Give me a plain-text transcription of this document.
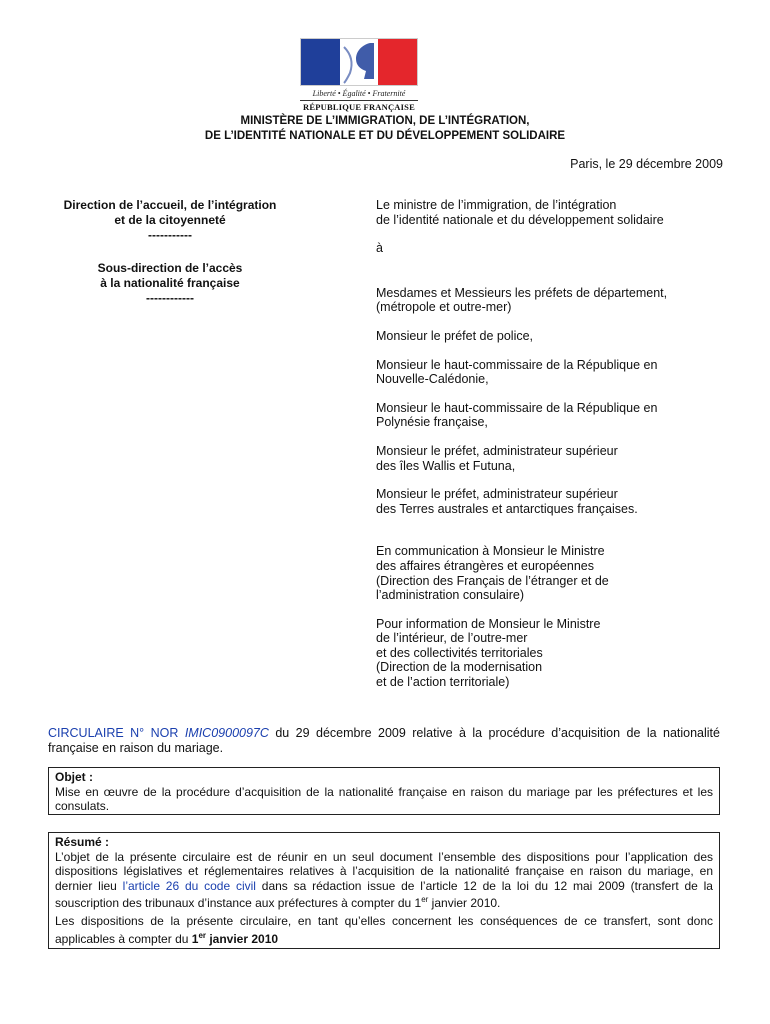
Liberté • Égalité • Fraternité
RÉPUBLIQUE FRANÇAISE
MINISTÈRE DE L’IMMIGRATION, DE L’INTÉGRATION,
DE L’IDENTITÉ NATIONALE ET DU DÉVELOPPEMENT SOLIDAIRE
Paris, le 29 décembre 2009
Direction de l’accueil, de l’intégration
et de la citoyenneté
-----------
Sous-direction de l’accès
à la nationalité française
------------

Le ministre de l’immigration, de l’intégration

de l’identité nationale et du développement solidaire

à

Mesdames et Messieurs les préfets de département,

(métropole et outre-mer)

Monsieur le préfet de police,

Monsieur le haut-commissaire de la République en

Nouvelle-Calédonie,

Monsieur le haut-commissaire de la République en

Polynésie française,

Monsieur le préfet, administrateur supérieur

des îles Wallis et Futuna,

Monsieur le préfet, administrateur supérieur

des Terres australes et antarctiques françaises.

En communication à Monsieur le Ministre

des affaires étrangères et européennes

(Direction des Français de l’étranger et de

l’administration consulaire)

Pour information de Monsieur le Ministre

de l’intérieur, de l’outre-mer

et des collectivités territoriales

(Direction de la modernisation

et de l’action territoriale)

CIRCULAIRE N° NOR IMIC0900097C du 29 décembre 2009 relative à la procédure d’acquisition de la nationalité française en raison du mariage.
Objet :

Mise en œuvre de la procédure d’acquisition de la nationalité française en raison du mariage par les préfectures et les consulats.

Résumé :

L’objet de la présente circulaire est de réunir en un seul document l’ensemble des dispositions pour l’application des dispositions législatives et réglementaires relatives à l’acquisition de la nationalité française en raison du mariage, en dernier lieu l’article 26 du code civil dans sa rédaction issue de l’article 12 de la loi du 12 mai 2009 (transfert de la souscription des tribunaux d’instance aux préfectures à compter du 1er janvier 2010.

Les dispositions de la présente circulaire, en tant qu’elles concernent les conséquences de ce transfert, sont donc applicables à compter du 1er janvier 2010
